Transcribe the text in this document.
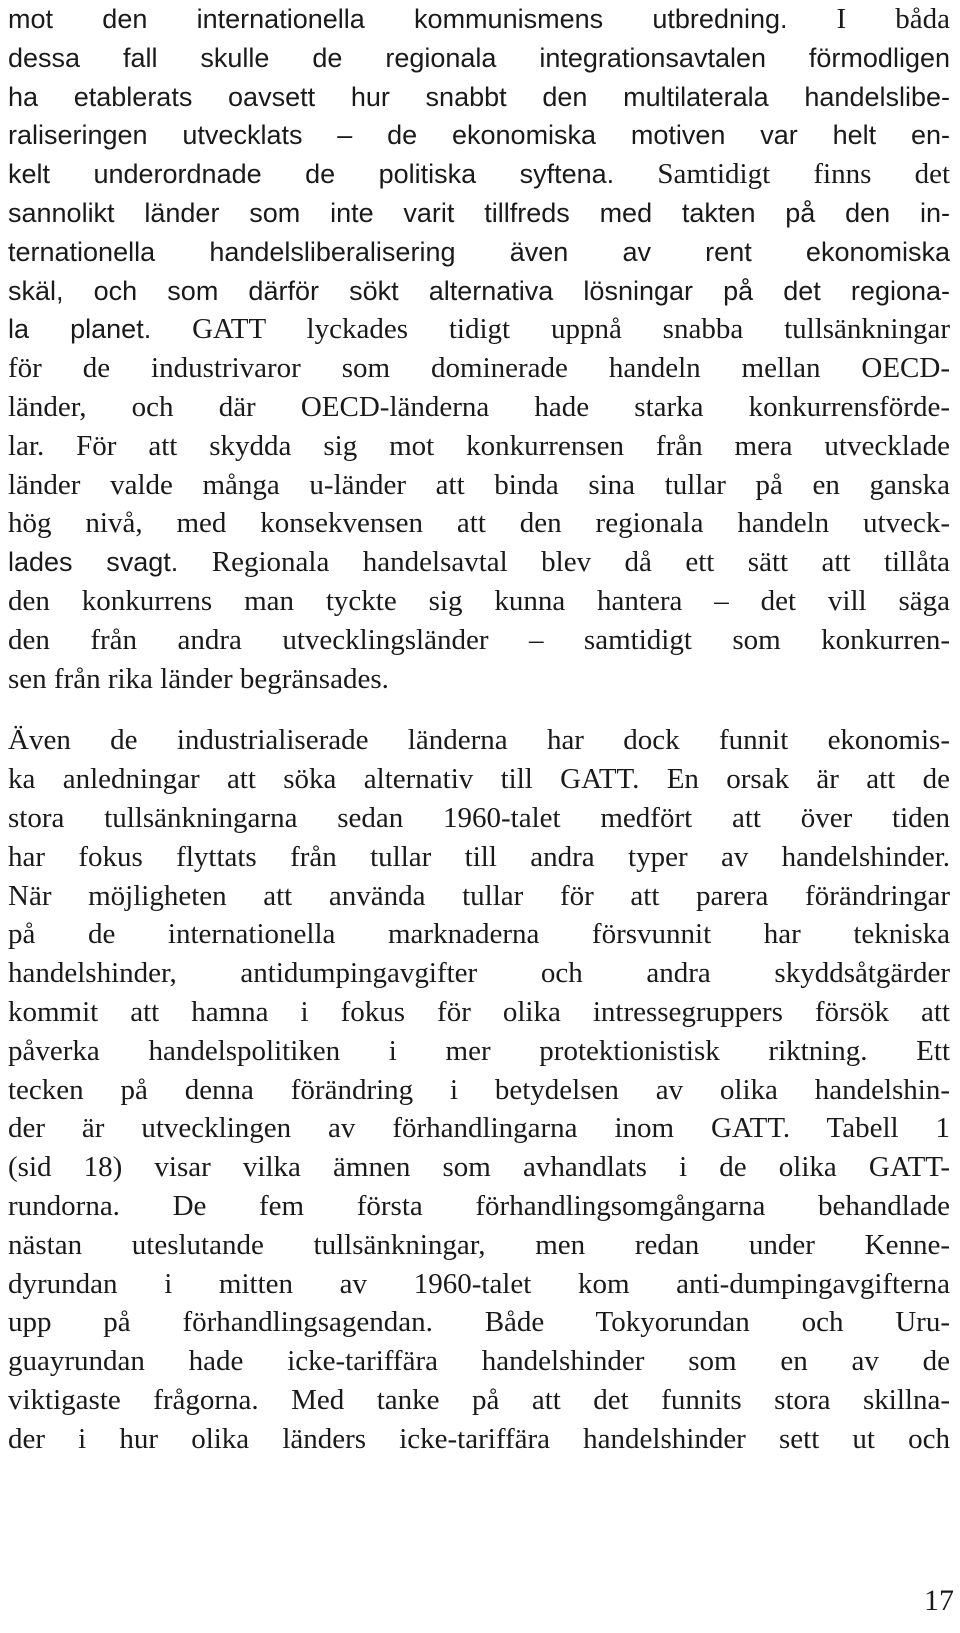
mot den internationella kommunismens utbredning. I båda
dessa fall skulle de regionala integrationsavtalen förmodligen
ha etablerats oavsett hur snabbt den multilaterala handelslibe-
raliseringen utvecklats – de ekonomiska motiven var helt en-
kelt underordnade de politiska syftena. Samtidigt finns det
sannolikt länder som inte varit tillfreds med takten på den in-
ternationella handelsliberalisering även av rent ekonomiska
skäl, och som därför sökt alternativa lösningar på det regiona-
la planet. GATT lyckades tidigt uppnå snabba tullsänkningar
för de industrivaror som dominerade handeln mellan OECD-
länder, och där OECD-länderna hade starka konkurrensförde-
lar. För att skydda sig mot konkurrensen från mera utvecklade
länder valde många u-länder att binda sina tullar på en ganska
hög nivå, med konsekvensen att den regionala handeln utveck-
lades svagt. Regionala handelsavtal blev då ett sätt att tillåta
den konkurrens man tyckte sig kunna hantera – det vill säga
den från andra utvecklingsländer – samtidigt som konkurren-
sen från rika länder begränsades.
Även de industrialiserade länderna har dock funnit ekonomis-
ka anledningar att söka alternativ till GATT. En orsak är att de
stora tullsänkningarna sedan 1960-talet medfört att över tiden
har fokus flyttats från tullar till andra typer av handelshinder.
När möjligheten att använda tullar för att parera förändringar
på de internationella marknaderna försvunnit har tekniska
handelshinder, antidumpingavgifter och andra skyddsåtgärder
kommit att hamna i fokus för olika intressegruppers försök att
påverka handelspolitiken i mer protektionistisk riktning. Ett
tecken på denna förändring i betydelsen av olika handelshin-
der är utvecklingen av förhandlingarna inom GATT. Tabell 1
(sid 18) visar vilka ämnen som avhandlats i de olika GATT-
rundorna. De fem första förhandlingsomgångarna behandlade
nästan uteslutande tullsänkningar, men redan under Kenne-
dyrundan i mitten av 1960-talet kom anti-dumpingavgifterna
upp på förhandlingsagendan. Både Tokyorundan och Uru-
guayrundan hade icke-tariffära handelshinder som en av de
viktigaste frågorna. Med tanke på att det funnits stora skillna-
der i hur olika länders icke-tariffära handelshinder sett ut och
17
